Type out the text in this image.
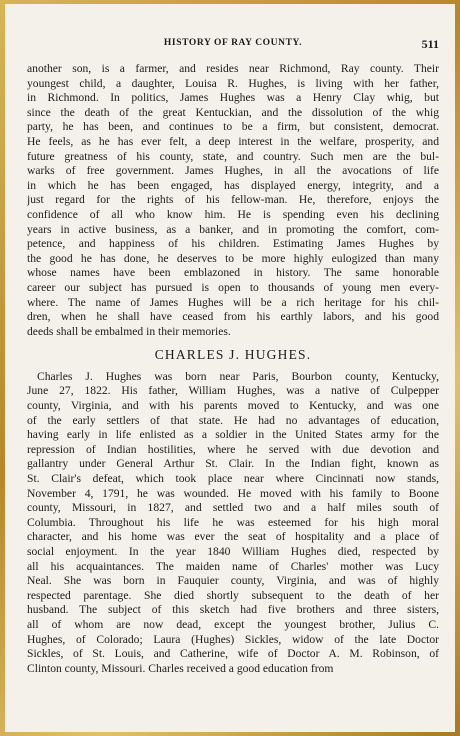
HISTORY OF RAY COUNTY.	511
another son, is a farmer, and resides near Richmond, Ray county. Their
youngest child, a daughter, Louisa R. Hughes, is living with her father,
in Richmond. In politics, James Hughes was a Henry Clay whig, but
since the death of the great Kentuckian, and the dissolution of the whig
party, he has been, and continues to be a firm, but consistent, democrat.
He feels, as he has ever felt, a deep interest in the welfare, prosperity, and
future greatness of his county, state, and country. Such men are the bul-
warks of free government. James Hughes, in all the avocations of life
in which he has been engaged, has displayed energy, integrity, and a
just regard for the rights of his fellow-man. He, therefore, enjoys the
confidence of all who know him. He is spending even his declining
years in active business, as a banker, and in promoting the comfort, com-
petence, and happiness of his children. Estimating James Hughes by
the good he has done, he deserves to be more highly eulogized than many
whose names have been emblazoned in history. The same honorable
career our subject has pursued is open to thousands of young men every-
where. The name of James Hughes will be a rich heritage for his chil-
dren, when he shall have ceased from his earthly labors, and his good
deeds shall be embalmed in their memories.
CHARLES J. HUGHES.
Charles J. Hughes was born near Paris, Bourbon county, Kentucky,
June 27, 1822. His father, William Hughes, was a native of Culpepper
county, Virginia, and with his parents moved to Kentucky, and was one
of the early settlers of that state. He had no advantages of education,
having early in life enlisted as a soldier in the United States army for the
repression of Indian hostilities, where he served with due devotion and
gallantry under General Arthur St. Clair. In the Indian fight, known as
St. Clair's defeat, which took place near where Cincinnati now stands,
November 4, 1791, he was wounded. He moved with his family to Boone
county, Missouri, in 1827, and settled two and a half miles south of
Columbia. Throughout his life he was esteemed for his high moral
character, and his home was ever the seat of hospitality and a place of
social enjoyment. In the year 1840 William Hughes died, respected by
all his acquaintances. The maiden name of Charles' mother was Lucy
Neal. She was born in Fauquier county, Virginia, and was of highly
respected parentage. She died shortly subsequent to the death of her
husband. The subject of this sketch had five brothers and three sisters,
all of whom are now dead, except the youngest brother, Julius C.
Hughes, of Colorado; Laura (Hughes) Sickles, widow of the late Doctor
Sickles, of St. Louis, and Catherine, wife of Doctor A. M. Robinson, of
Clinton county, Missouri. Charles received a good education from
